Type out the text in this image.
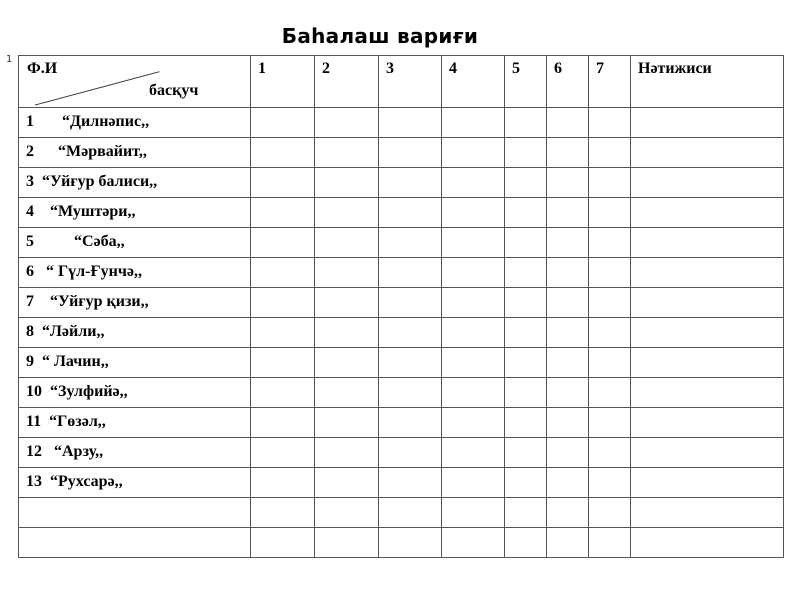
Баһалаш вариғи
1
Ф.И
басқуч	1	2	3	4	5	6	7	Нәтижиси
1       “Дилнәпис,,								
2      “Мәрвайит,,								
3  “Уйғур балиси,,								
4    “Муштәри,,								
5          “Сәба,,								
6   “ Гүл-Ғунчә,,								
7    “Уйғур қизи,,								
8  “Ләйли,,								
9  “ Лачин,,								
10  “Зулфийә,,								
11  “Гөзәл,,								
12   “Арзу,,								
13  “Рухсарә,,								
